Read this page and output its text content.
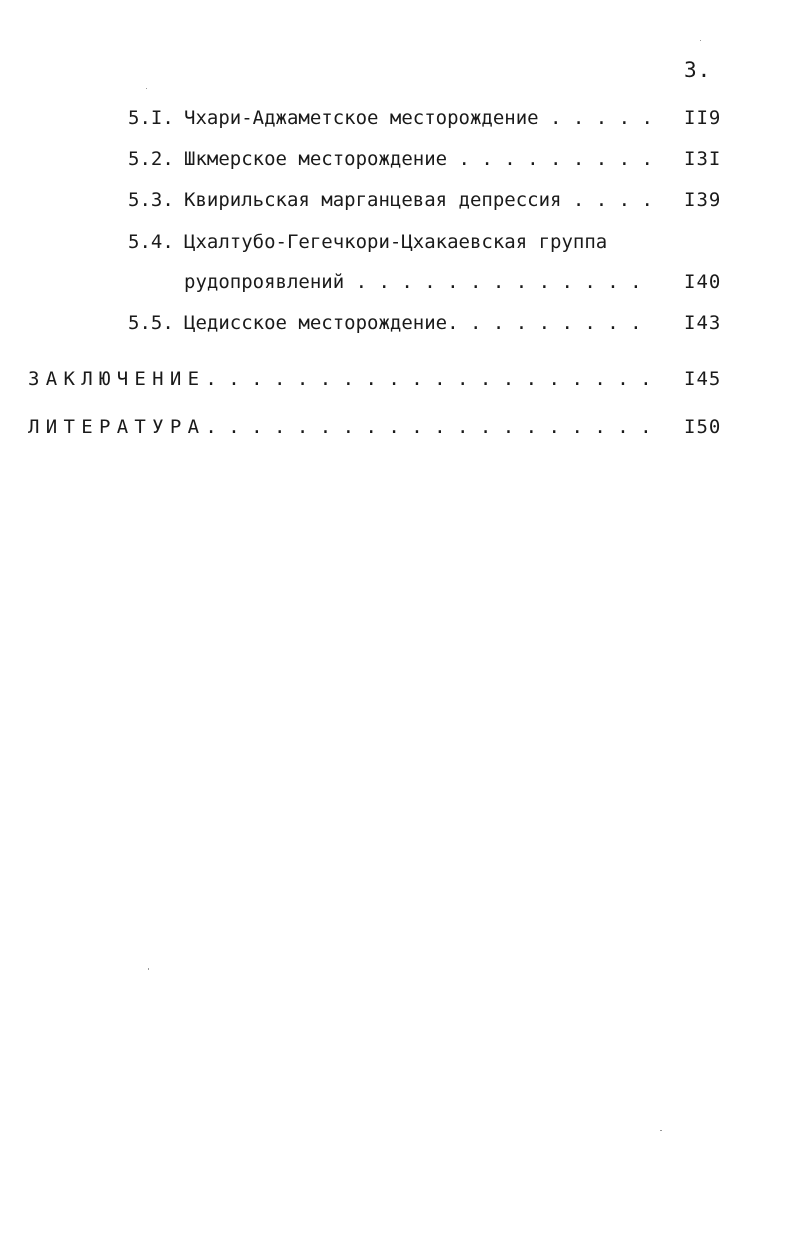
3.
5.I. Чхари-Аджаметское месторождение . . . . . II9
5.2. Шкмерское месторождение . . . . . . . . . I3I
5.3. Квирильская марганцевая депрессия . . . . I39
5.4. Цхалтубо-Гегечкори-Цхакаевская группа
рудопроявлений . . . . . . . . . . . . . I40
5.5. Цедисское месторождение. . . . . . . . . I43
ЗАКЛЮЧЕНИЕ. . . . . . . . . . . . . . . . . . . . I45
ЛИТЕРАТУРА. . . . . . . . . . . . . . . . . . . . I50
